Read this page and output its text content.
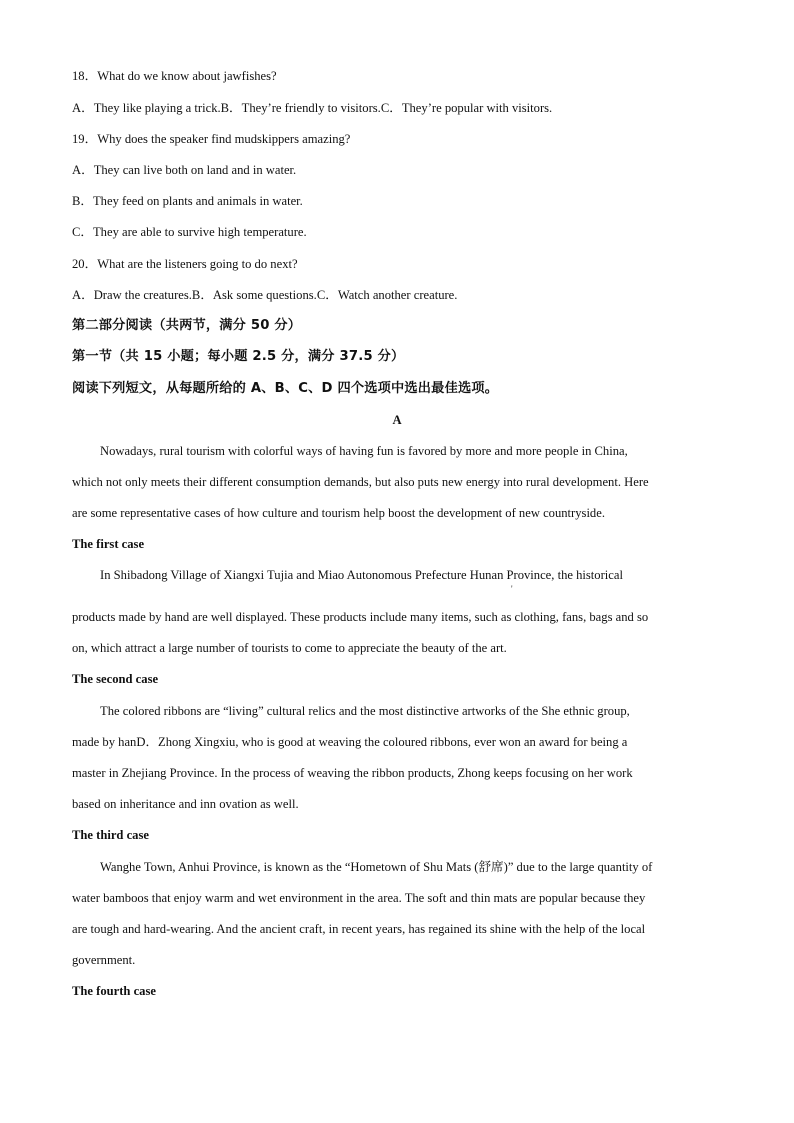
18．What do we know about jawfishes?
A．They like playing a trick.B．They’re friendly to visitors.C．They’re popular with visitors.
19．Why does the speaker find mudskippers amazing?
A．They can live both on land and in water.
B．They feed on plants and animals in water.
C．They are able to survive high temperature.
20．What are the listeners going to do next?
A．Draw the creatures.B．Ask some questions.C．Watch another creature.
第二部分阅读（共两节，满分 50 分）
第一节（共 15 小题；每小题 2.5 分，满分 37.5 分）
阅读下列短文，从每题所给的 A、B、C、D 四个选项中选出最佳选项。
A
Nowadays, rural tourism with colorful ways of having fun is favored by more and more people in China,
which not only meets their different consumption demands, but also puts new energy into rural development. Here
are some representative cases of how culture and tourism help boost the development of new countryside.
The first case
In Shibadong Village of Xiangxi Tujia and Miao Autonomous Prefecture Hunan Province, the historical
'
products made by hand are well displayed. These products include many items, such as clothing, fans, bags and so
on, which attract a large number of tourists to come to appreciate the beauty of the art.
The second case
The colored ribbons are “living” cultural relics and the most distinctive artworks of the She ethnic group,
made by hanD．Zhong Xingxiu, who is good at weaving the coloured ribbons, ever won an award for being a
master in Zhejiang Province. In the process of weaving the ribbon products, Zhong keeps focusing on her work
based on inheritance and inn ovation as well.
The third case
Wanghe Town, Anhui Province, is known as the “Hometown of Shu Mats (舒席)” due to the large quantity of
water bamboos that enjoy warm and wet environment in the area. The soft and thin mats are popular because they
are tough and hard-wearing. And the ancient craft, in recent years, has regained its shine with the help of the local
government.
The fourth case
